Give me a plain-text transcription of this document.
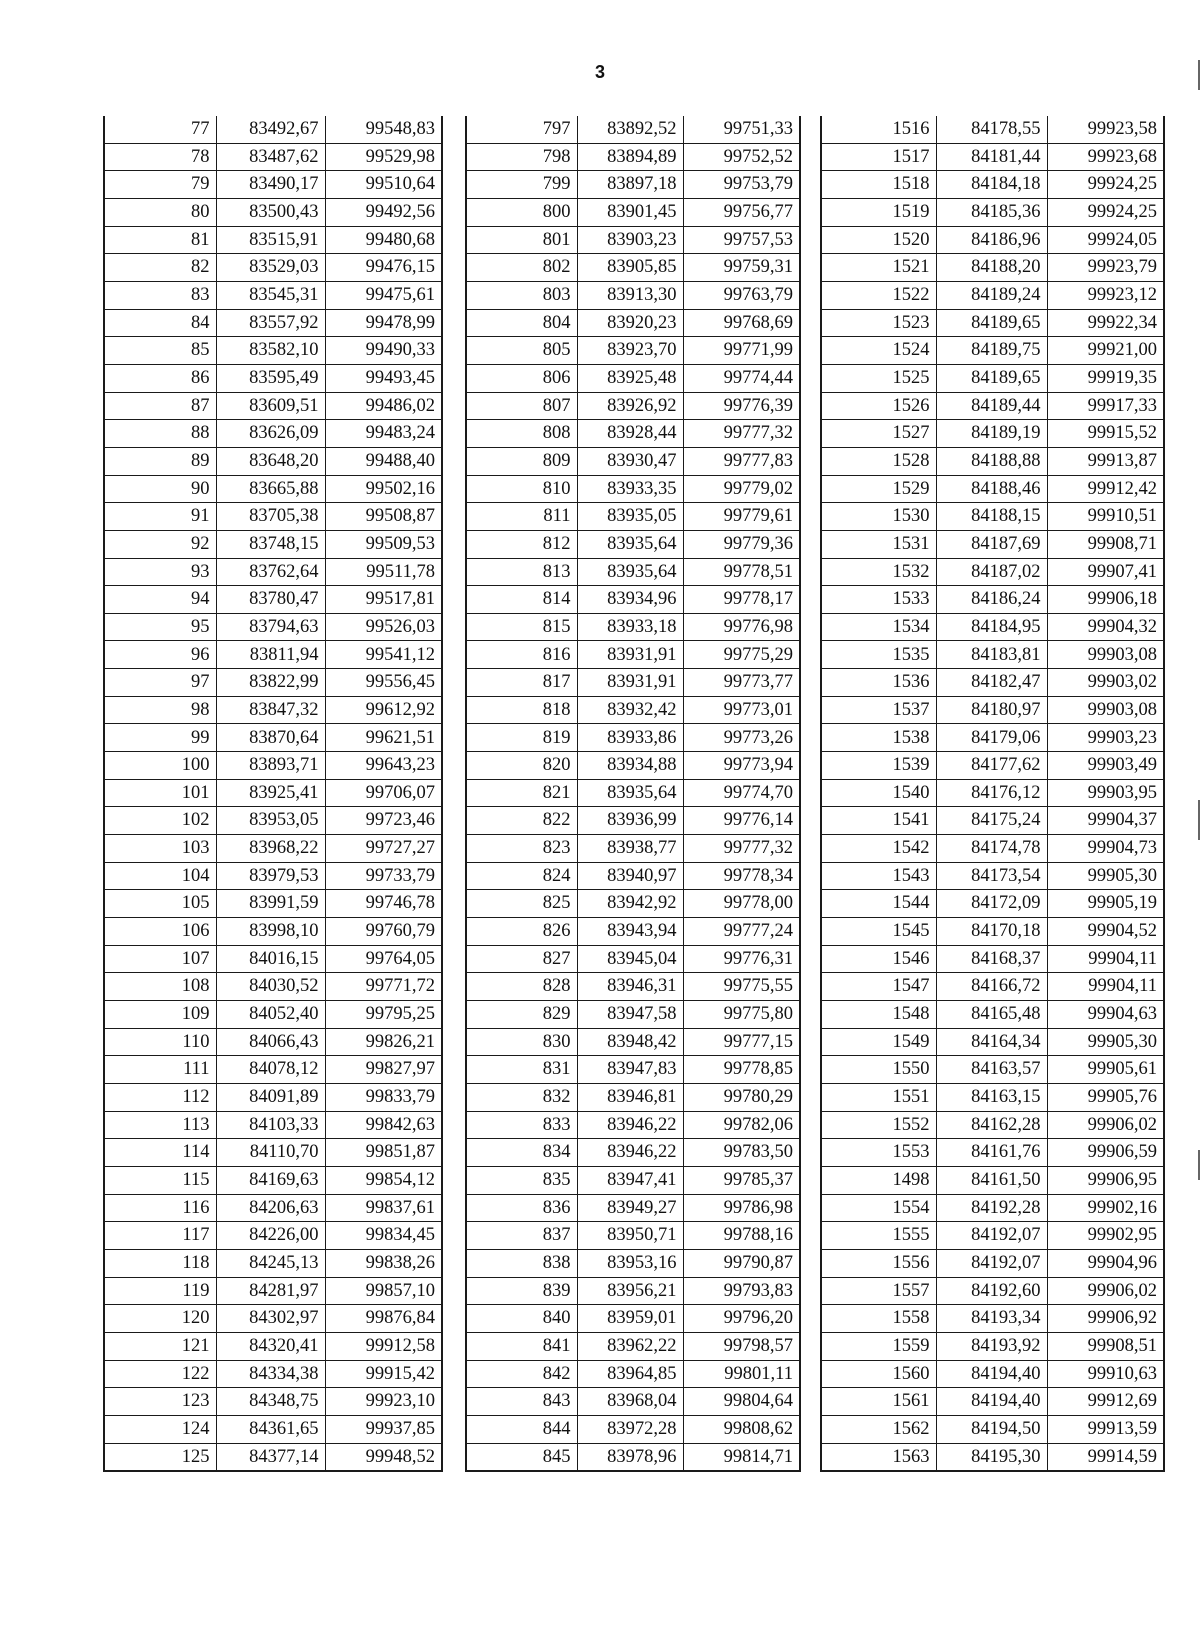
3
77	83492,67	99548,83
78	83487,62	99529,98
79	83490,17	99510,64
80	83500,43	99492,56
81	83515,91	99480,68
82	83529,03	99476,15
83	83545,31	99475,61
84	83557,92	99478,99
85	83582,10	99490,33
86	83595,49	99493,45
87	83609,51	99486,02
88	83626,09	99483,24
89	83648,20	99488,40
90	83665,88	99502,16
91	83705,38	99508,87
92	83748,15	99509,53
93	83762,64	99511,78
94	83780,47	99517,81
95	83794,63	99526,03
96	83811,94	99541,12
97	83822,99	99556,45
98	83847,32	99612,92
99	83870,64	99621,51
100	83893,71	99643,23
101	83925,41	99706,07
102	83953,05	99723,46
103	83968,22	99727,27
104	83979,53	99733,79
105	83991,59	99746,78
106	83998,10	99760,79
107	84016,15	99764,05
108	84030,52	99771,72
109	84052,40	99795,25
110	84066,43	99826,21
111	84078,12	99827,97
112	84091,89	99833,79
113	84103,33	99842,63
114	84110,70	99851,87
115	84169,63	99854,12
116	84206,63	99837,61
117	84226,00	99834,45
118	84245,13	99838,26
119	84281,97	99857,10
120	84302,97	99876,84
121	84320,41	99912,58
122	84334,38	99915,42
123	84348,75	99923,10
124	84361,65	99937,85
125	84377,14	99948,52
797	83892,52	99751,33
798	83894,89	99752,52
799	83897,18	99753,79
800	83901,45	99756,77
801	83903,23	99757,53
802	83905,85	99759,31
803	83913,30	99763,79
804	83920,23	99768,69
805	83923,70	99771,99
806	83925,48	99774,44
807	83926,92	99776,39
808	83928,44	99777,32
809	83930,47	99777,83
810	83933,35	99779,02
811	83935,05	99779,61
812	83935,64	99779,36
813	83935,64	99778,51
814	83934,96	99778,17
815	83933,18	99776,98
816	83931,91	99775,29
817	83931,91	99773,77
818	83932,42	99773,01
819	83933,86	99773,26
820	83934,88	99773,94
821	83935,64	99774,70
822	83936,99	99776,14
823	83938,77	99777,32
824	83940,97	99778,34
825	83942,92	99778,00
826	83943,94	99777,24
827	83945,04	99776,31
828	83946,31	99775,55
829	83947,58	99775,80
830	83948,42	99777,15
831	83947,83	99778,85
832	83946,81	99780,29
833	83946,22	99782,06
834	83946,22	99783,50
835	83947,41	99785,37
836	83949,27	99786,98
837	83950,71	99788,16
838	83953,16	99790,87
839	83956,21	99793,83
840	83959,01	99796,20
841	83962,22	99798,57
842	83964,85	99801,11
843	83968,04	99804,64
844	83972,28	99808,62
845	83978,96	99814,71
1516	84178,55	99923,58
1517	84181,44	99923,68
1518	84184,18	99924,25
1519	84185,36	99924,25
1520	84186,96	99924,05
1521	84188,20	99923,79
1522	84189,24	99923,12
1523	84189,65	99922,34
1524	84189,75	99921,00
1525	84189,65	99919,35
1526	84189,44	99917,33
1527	84189,19	99915,52
1528	84188,88	99913,87
1529	84188,46	99912,42
1530	84188,15	99910,51
1531	84187,69	99908,71
1532	84187,02	99907,41
1533	84186,24	99906,18
1534	84184,95	99904,32
1535	84183,81	99903,08
1536	84182,47	99903,02
1537	84180,97	99903,08
1538	84179,06	99903,23
1539	84177,62	99903,49
1540	84176,12	99903,95
1541	84175,24	99904,37
1542	84174,78	99904,73
1543	84173,54	99905,30
1544	84172,09	99905,19
1545	84170,18	99904,52
1546	84168,37	99904,11
1547	84166,72	99904,11
1548	84165,48	99904,63
1549	84164,34	99905,30
1550	84163,57	99905,61
1551	84163,15	99905,76
1552	84162,28	99906,02
1553	84161,76	99906,59
1498	84161,50	99906,95
1554	84192,28	99902,16
1555	84192,07	99902,95
1556	84192,07	99904,96
1557	84192,60	99906,02
1558	84193,34	99906,92
1559	84193,92	99908,51
1560	84194,40	99910,63
1561	84194,40	99912,69
1562	84194,50	99913,59
1563	84195,30	99914,59
